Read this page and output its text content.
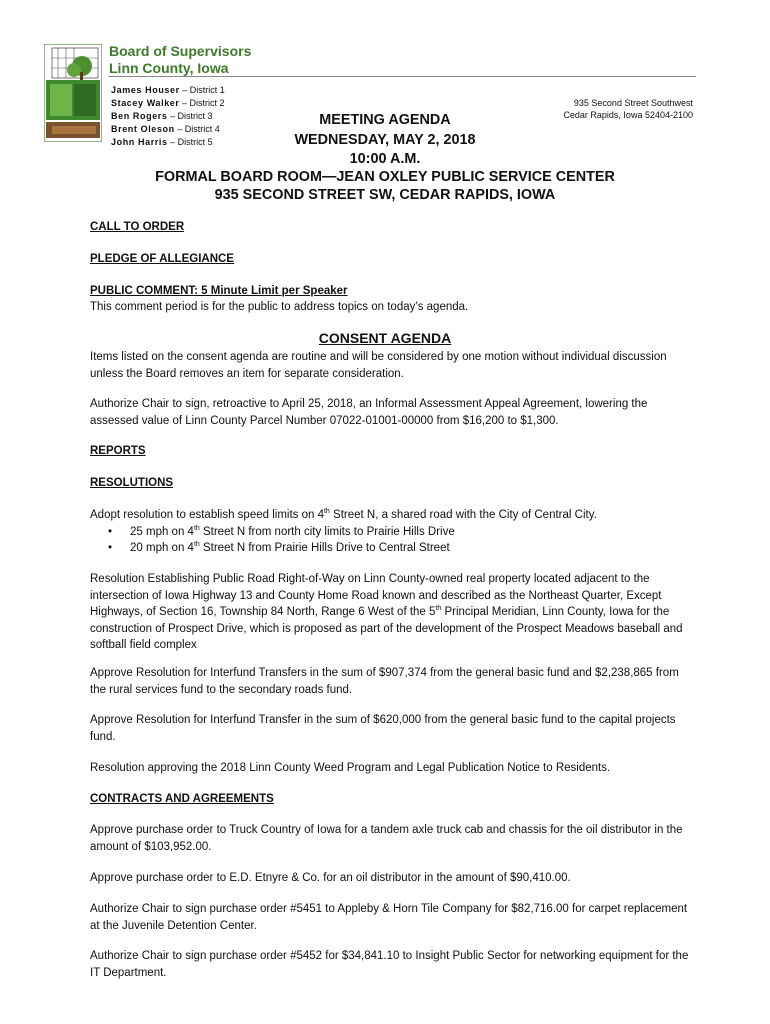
Board of Supervisors
Linn County, Iowa
James Houser – District 1
Stacey Walker – District 2
Ben Rogers – District 3
Brent Oleson – District 4
John Harris – District 5
935 Second Street Southwest
Cedar Rapids, Iowa 52404-2100
MEETING AGENDA
WEDNESDAY, MAY 2, 2018
10:00 A.M.
FORMAL BOARD ROOM—JEAN OXLEY PUBLIC SERVICE CENTER
935 SECOND STREET SW, CEDAR RAPIDS, IOWA
CALL TO ORDER
PLEDGE OF ALLEGIANCE
PUBLIC COMMENT: 5 Minute Limit per Speaker
This comment period is for the public to address topics on today’s agenda.
CONSENT AGENDA
Items listed on the consent agenda are routine and will be considered by one motion without individual discussion unless the Board removes an item for separate consideration.
Authorize Chair to sign, retroactive to April 25, 2018, an Informal Assessment Appeal Agreement, lowering the assessed value of Linn County Parcel Number 07022-01001-00000 from $16,200 to $1,300.
REPORTS
RESOLUTIONS
Adopt resolution to establish speed limits on 4th Street N, a shared road with the City of Central City.
• 25 mph on 4th Street N from north city limits to Prairie Hills Drive
• 20 mph on 4th Street N from Prairie Hills Drive to Central Street
Resolution Establishing Public Road Right-of-Way on Linn County-owned real property located adjacent to the intersection of Iowa Highway 13 and County Home Road known and described as the Northeast Quarter, Except Highways, of Section 16, Township 84 North, Range 6 West of the 5th Principal Meridian, Linn County, Iowa for the construction of Prospect Drive, which is proposed as part of the development of the Prospect Meadows baseball and softball field complex
Approve Resolution for Interfund Transfers in the sum of $907,374 from the general basic fund and $2,238,865 from the rural services fund to the secondary roads fund.
Approve Resolution for Interfund Transfer in the sum of $620,000 from the general basic fund to the capital projects fund.
Resolution approving the 2018 Linn County Weed Program and Legal Publication Notice to Residents.
CONTRACTS AND AGREEMENTS
Approve purchase order to Truck Country of Iowa for a tandem axle truck cab and chassis for the oil distributor in the amount of $103,952.00.
Approve purchase order to E.D. Etnyre & Co. for an oil distributor in the amount of $90,410.00.
Authorize Chair to sign purchase order #5451 to Appleby & Horn Tile Company for $82,716.00 for carpet replacement at the Juvenile Detention Center.
Authorize Chair to sign purchase order #5452 for $34,841.10 to Insight Public Sector for networking equipment for the IT Department.
